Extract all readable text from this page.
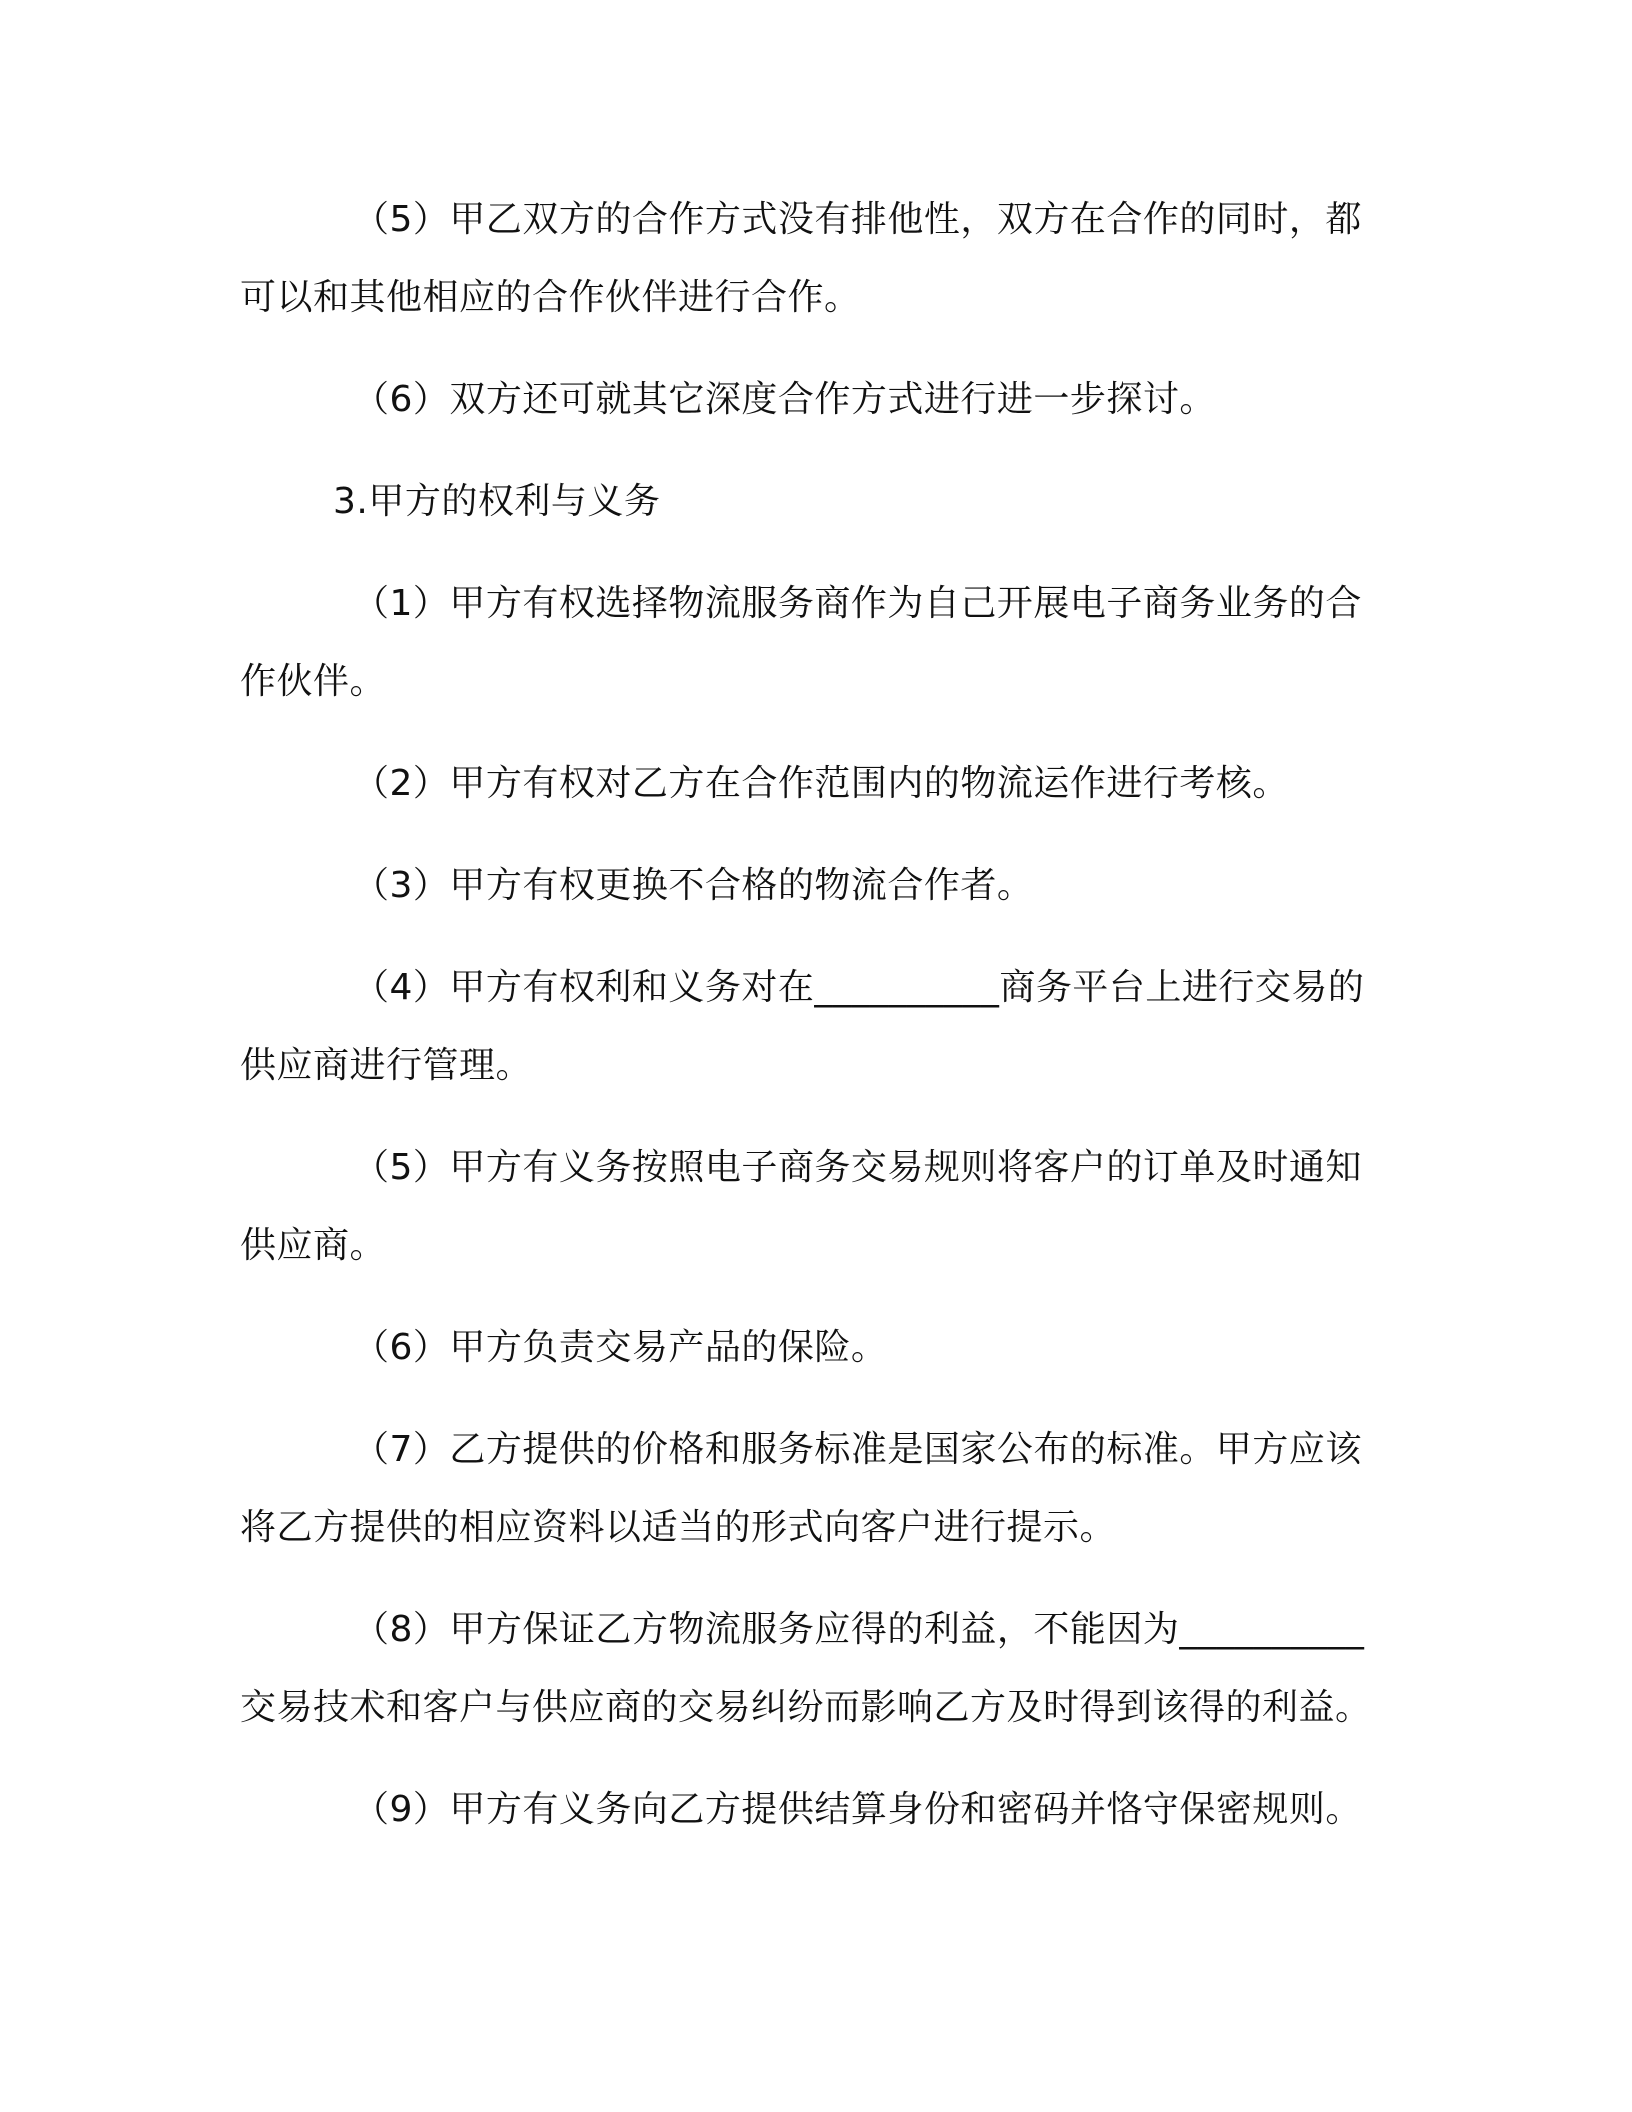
（5）甲乙双方的合作方式没有排他性，双方在合作的同时，都
可以和其他相应的合作伙伴进行合作。
（6）双方还可就其它深度合作方式进行进一步探讨。
3.甲方的权利与义务
（1）甲方有权选择物流服务商作为自己开展电子商务业务的合
作伙伴。
（2）甲方有权对乙方在合作范围内的物流运作进行考核。
（3）甲方有权更换不合格的物流合作者。
（4）甲方有权利和义务对在__________商务平台上进行交易的
供应商进行管理。
（5）甲方有义务按照电子商务交易规则将客户的订单及时通知
供应商。
（6）甲方负责交易产品的保险。
（7）乙方提供的价格和服务标准是国家公布的标准。甲方应该
将乙方提供的相应资料以适当的形式向客户进行提示。
（8）甲方保证乙方物流服务应得的利益，不能因为__________
交易技术和客户与供应商的交易纠纷而影响乙方及时得到该得的利益。
（9）甲方有义务向乙方提供结算身份和密码并恪守保密规则。
